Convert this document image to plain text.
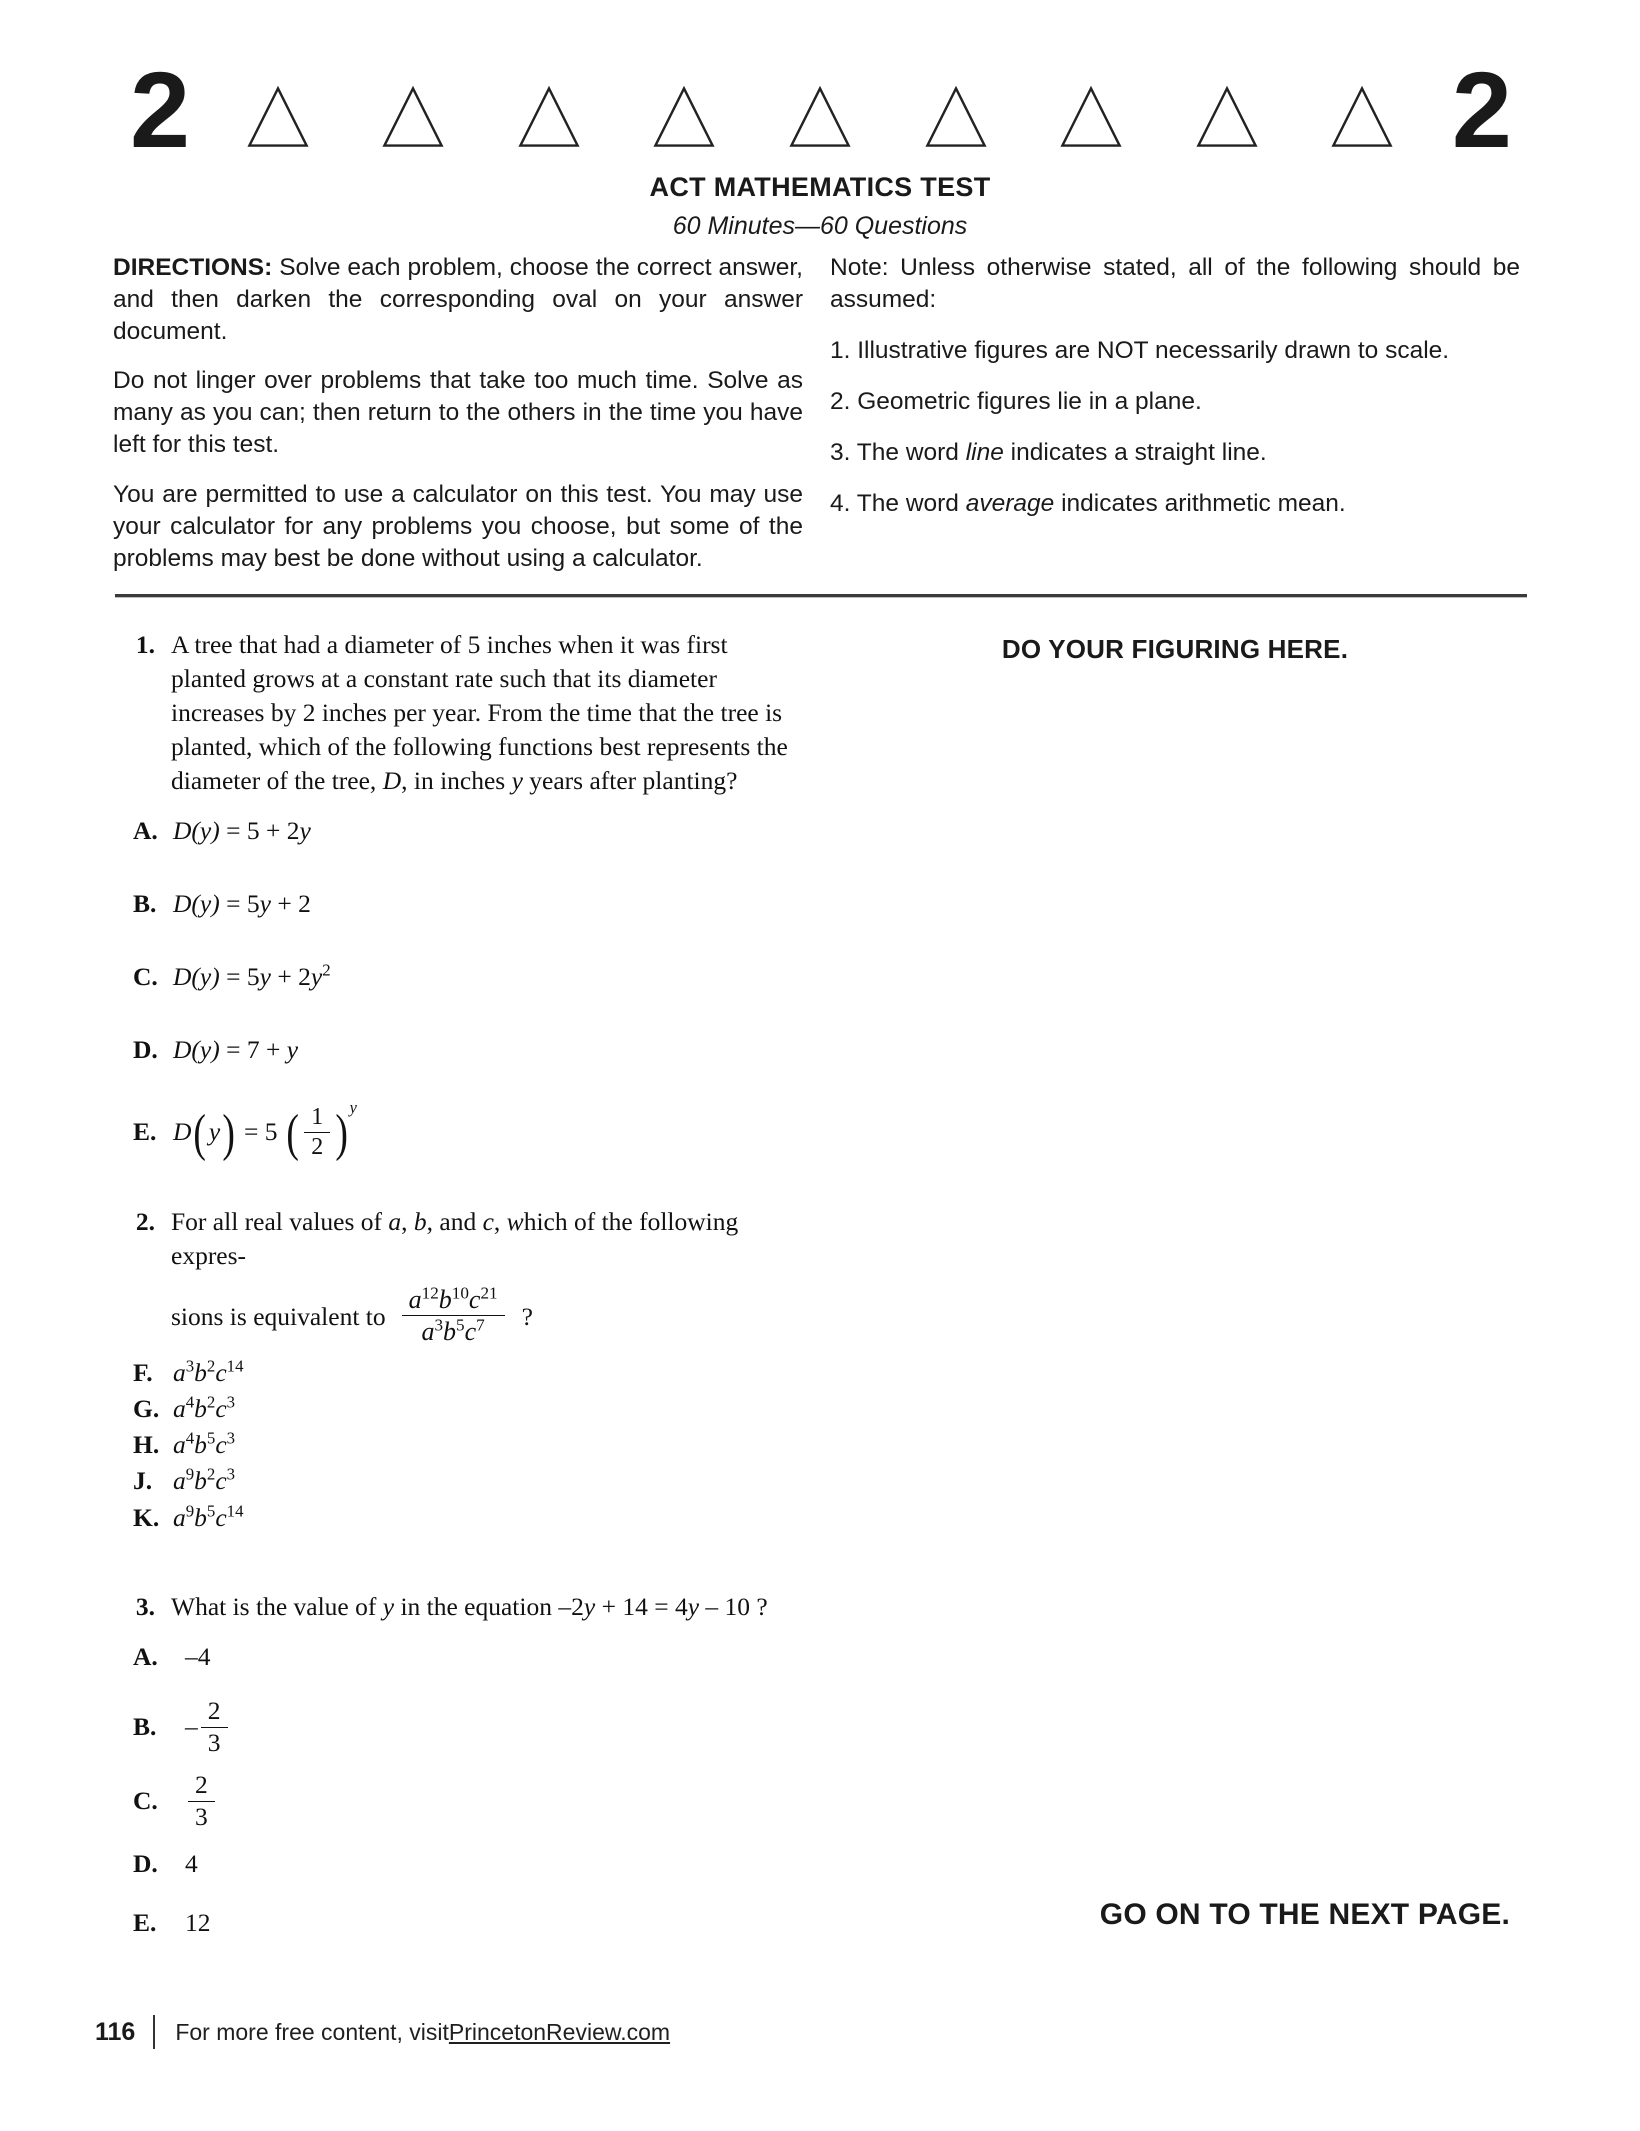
2	2
ACT MATHEMATICS TEST
60 Minutes—60 Questions

DIRECTIONS: Solve each problem, choose the correct answer, and then darken the corresponding oval on your answer document.

Do not linger over problems that take too much time. Solve as many as you can; then return to the others in the time you have left for this test.

You are permitted to use a calculator on this test. You may use your calculator for any problems you choose, but some of the problems may best be done without using a calculator.

Note: Unless otherwise stated, all of the following should be assumed:

1. Illustrative figures are NOT necessarily drawn to scale.

2. Geometric figures lie in a plane.

3. The word line indicates a straight line.

4. The word average indicates arithmetic mean.

DO YOUR FIGURING HERE.
GO ON TO THE NEXT PAGE.
1. A tree that had a diameter of 5 inches when it was first planted grows at a constant rate such that its diameter increases by 2 inches per year. From the time that the tree is planted, which of the following functions best represents the diameter of the tree, D, in inches y years after planting?
A. D(y) = 5 + 2y
B. D(y) = 5y + 2
C. $D(y) = 5y + 2y^2$
D. D(y) = 7 + y
E. D(y) = 5 ( $\frac{1}{2} )^y$
2. For all real values of a, b, and c, which of the following expres-
sions is equivalent to $\frac{a^{12}b^{10}c^{21}}{a^3b^5c^7}$ ?
F. $a^3b^2c^{14}$
G. $a^4b^2c^3$
H. $a^4b^5c^3$
J. $a^9b^2c^3$
K. $a^9b^5c^{14}$
3. What is the value of y in the equation –2y + 14 = 4y – 10 ?
A.	–4
B.	– $\frac{2}{3}$
C.	$\frac{2}{3}$
D.	4
E.	12
116 For more free content, visit PrincetonReview.com
